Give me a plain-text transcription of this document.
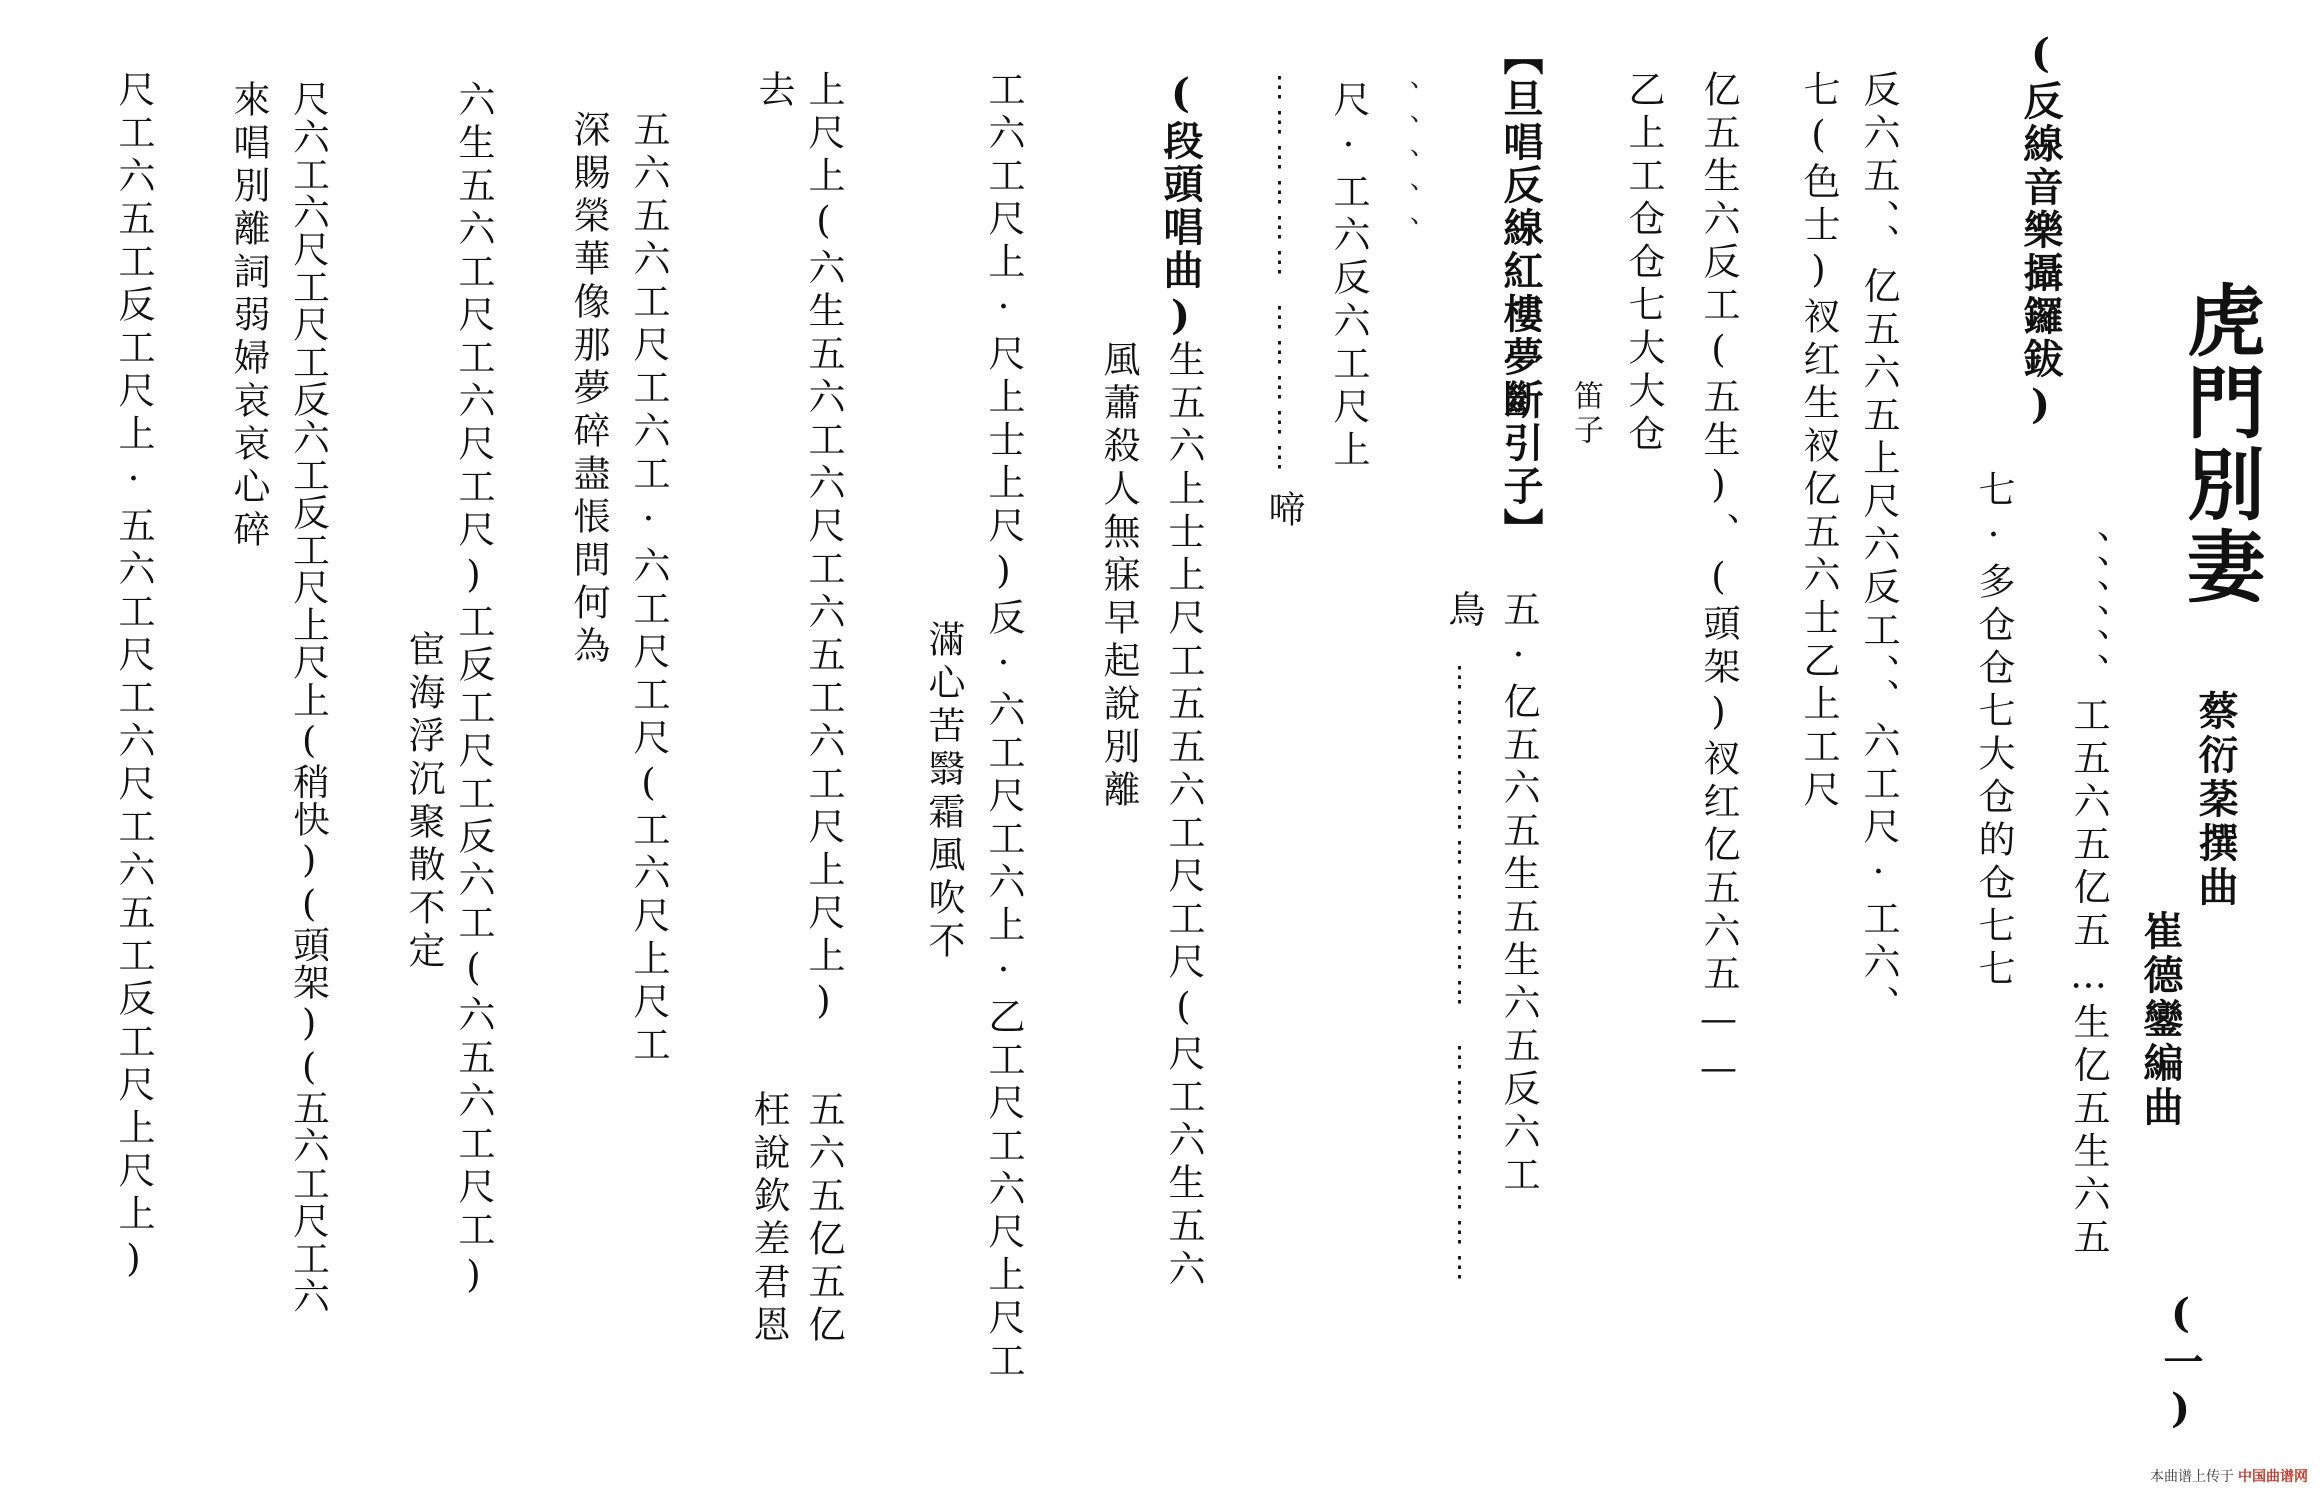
虎門別妻
蔡衍棻撰曲
崔德鑾編曲
(一)
(反線音樂攝鑼鈸)
、、、、、、工五六五亿五…生亿五生六五
七·多仓仓七大仓的仓七七
反六五、、亿五六五上尺六反工、、六工尺·工六、
七(色士)衩红生衩亿五六士乙上工尺
亿五生六反工(五生)、(頭架)衩红亿五六五——
乙上工仓仓七大大仓
笛子
【旦唱反線紅樓夢斷引子】
五·亿五六五生五生六五反六工
鳥
⋮⋮⋮⋮⋮⋮⋮⋮⋮⋮
⋮⋮⋮⋮⋮⋮⋮
尺·工六反六工尺上
啼
⋮⋮⋮⋮⋮⋮
⋮⋮⋮⋮⋮
、、、、、
(段頭唱曲)
生五六上士上尺工五五六工尺工尺(尺工六生五六
風蕭殺人無寐早起說別離
工六工尺上·尺上士上尺)反·六工尺工六上·乙工尺工六尺上尺工
滿心苦翳霜風吹不
上尺上(六生五六工六尺工六五工六工尺上尺上)
去
五六五亿五亿
枉說欽差君恩
五六五六工尺工六工·六工尺工尺(工六尺上尺工
深賜榮華像那夢碎盡悵問何為
六生五六工尺工六尺工尺)工反工尺工反六工(六五六工尺工)
宦海浮沉聚散不定
尺六工六尺工尺工反六工反工尺上尺上(稍快)(頭架)(五六工尺工六
來唱別離詞弱婦哀哀心碎
尺工六五工反工尺上·五六工尺工六尺工六五工反工尺上尺上)
本曲谱上传于 中国曲谱网
